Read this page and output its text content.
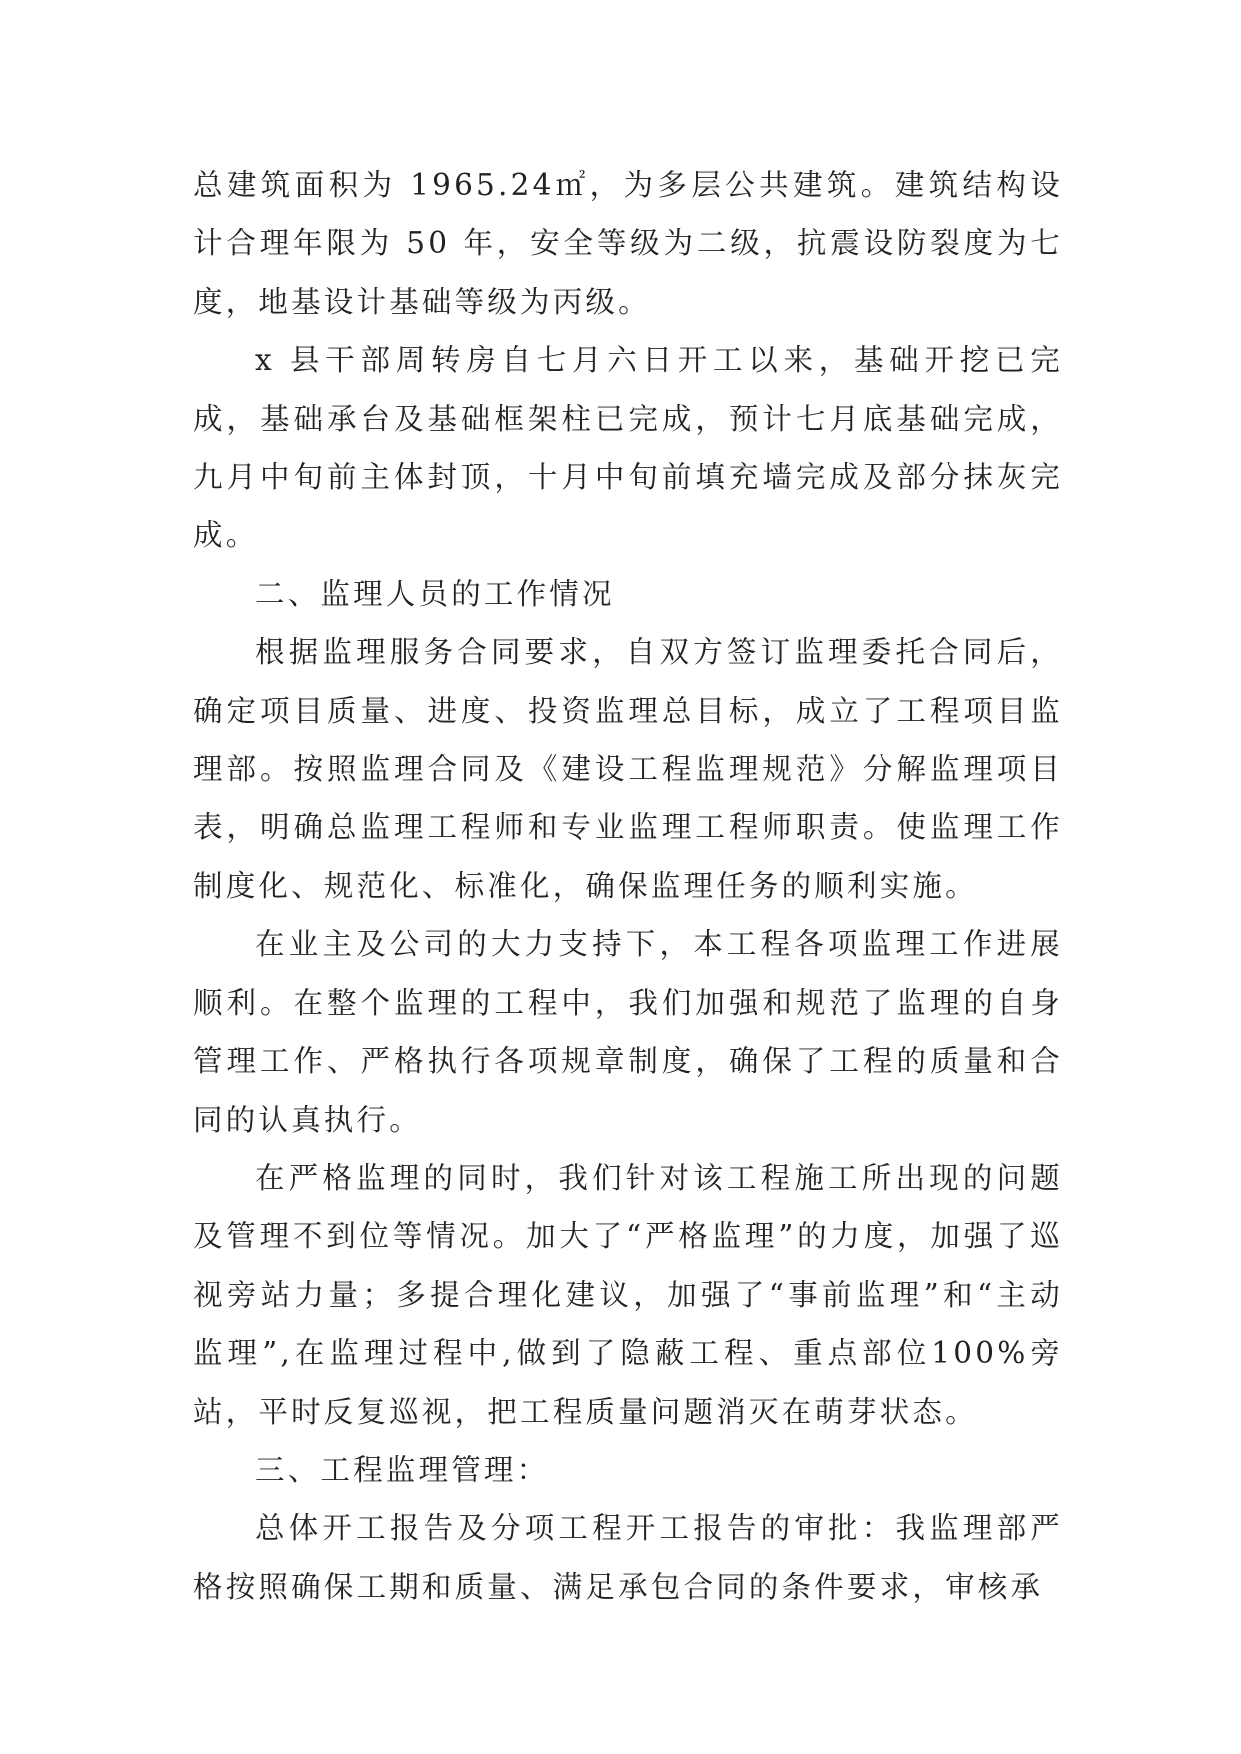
总建筑面积为 1965.24㎡，为多层公共建筑。建筑结构设计合理年限为 50 年，安全等级为二级，抗震设防裂度为七度，地基设计基础等级为丙级。

x 县干部周转房自七月六日开工以来，基础开挖已完成，基础承台及基础框架柱已完成，预计七月底基础完成，九月中旬前主体封顶，十月中旬前填充墙完成及部分抹灰完成。

二、监理人员的工作情况

根据监理服务合同要求，自双方签订监理委托合同后，确定项目质量、进度、投资监理总目标，成立了工程项目监理部。按照监理合同及《建设工程监理规范》分解监理项目表，明确总监理工程师和专业监理工程师职责。使监理工作制度化、规范化、标准化，确保监理任务的顺利实施。

在业主及公司的大力支持下，本工程各项监理工作进展顺利。在整个监理的工程中，我们加强和规范了监理的自身管理工作、严格执行各项规章制度，确保了工程的质量和合同的认真执行。

在严格监理的同时，我们针对该工程施工所出现的问题及管理不到位等情况。加大了“严格监理”的力度，加强了巡视旁站力量；多提合理化建议，加强了“事前监理”和“主动监理”,在监理过程中,做到了隐蔽工程、重点部位100%旁站，平时反复巡视，把工程质量问题消灭在萌芽状态。

三、工程监理管理：

总体开工报告及分项工程开工报告的审批：我监理部严格按照确保工期和质量、满足承包合同的条件要求，审核承
